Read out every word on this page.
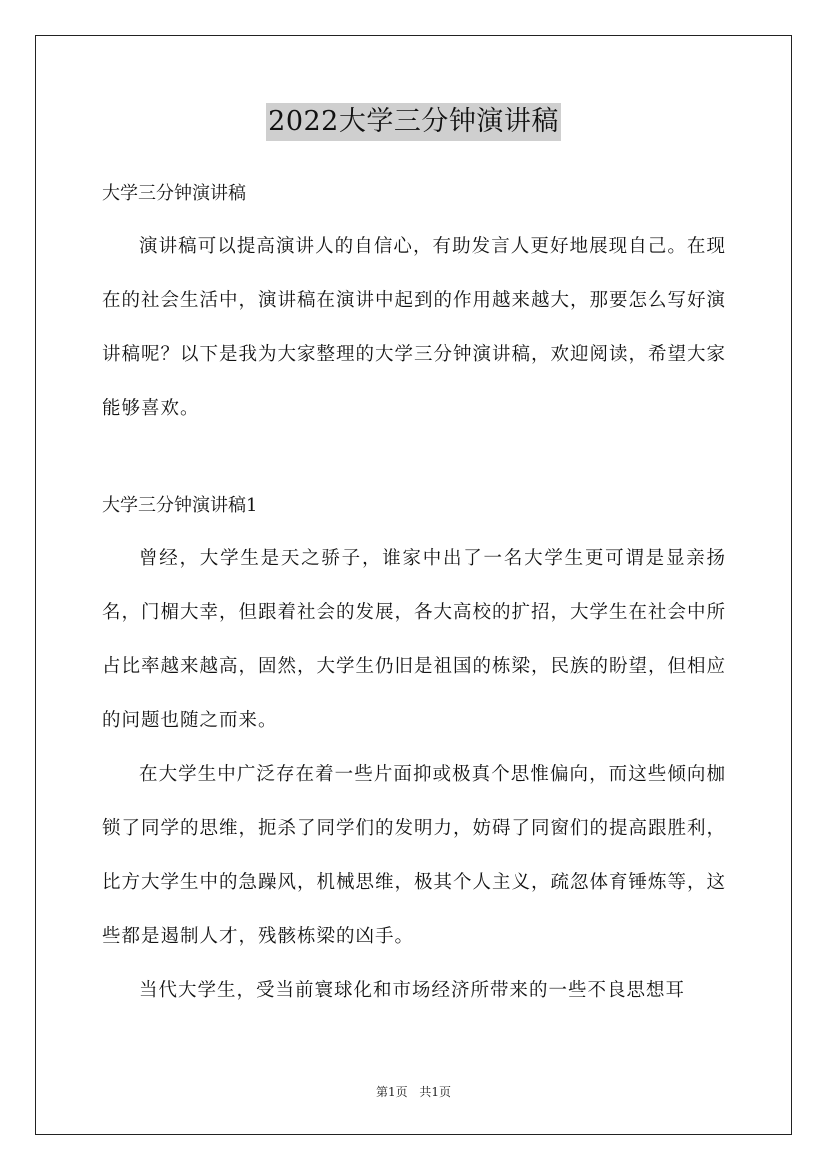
2022大学三分钟演讲稿

大学三分钟演讲稿

演讲稿可以提高演讲人的自信心，有助发言人更好地展现自己。在现在的社会生活中，演讲稿在演讲中起到的作用越来越大，那要怎么写好演讲稿呢？以下是我为大家整理的大学三分钟演讲稿，欢迎阅读，希望大家能够喜欢。

大学三分钟演讲稿1

曾经，大学生是天之骄子，谁家中出了一名大学生更可谓是显亲扬名，门楣大幸，但跟着社会的发展，各大高校的扩招，大学生在社会中所占比率越来越高，固然，大学生仍旧是祖国的栋梁，民族的盼望，但相应的问题也随之而来。

在大学生中广泛存在着一些片面抑或极真个思惟偏向，而这些倾向枷锁了同学的思维，扼杀了同学们的发明力，妨碍了同窗们的提高跟胜利，比方大学生中的急躁风，机械思维，极其个人主义，疏忽体育锤炼等，这些都是遏制人才，残骸栋梁的凶手。

当代大学生，受当前寰球化和市场经济所带来的一些不良思想耳

第1页 共1页
